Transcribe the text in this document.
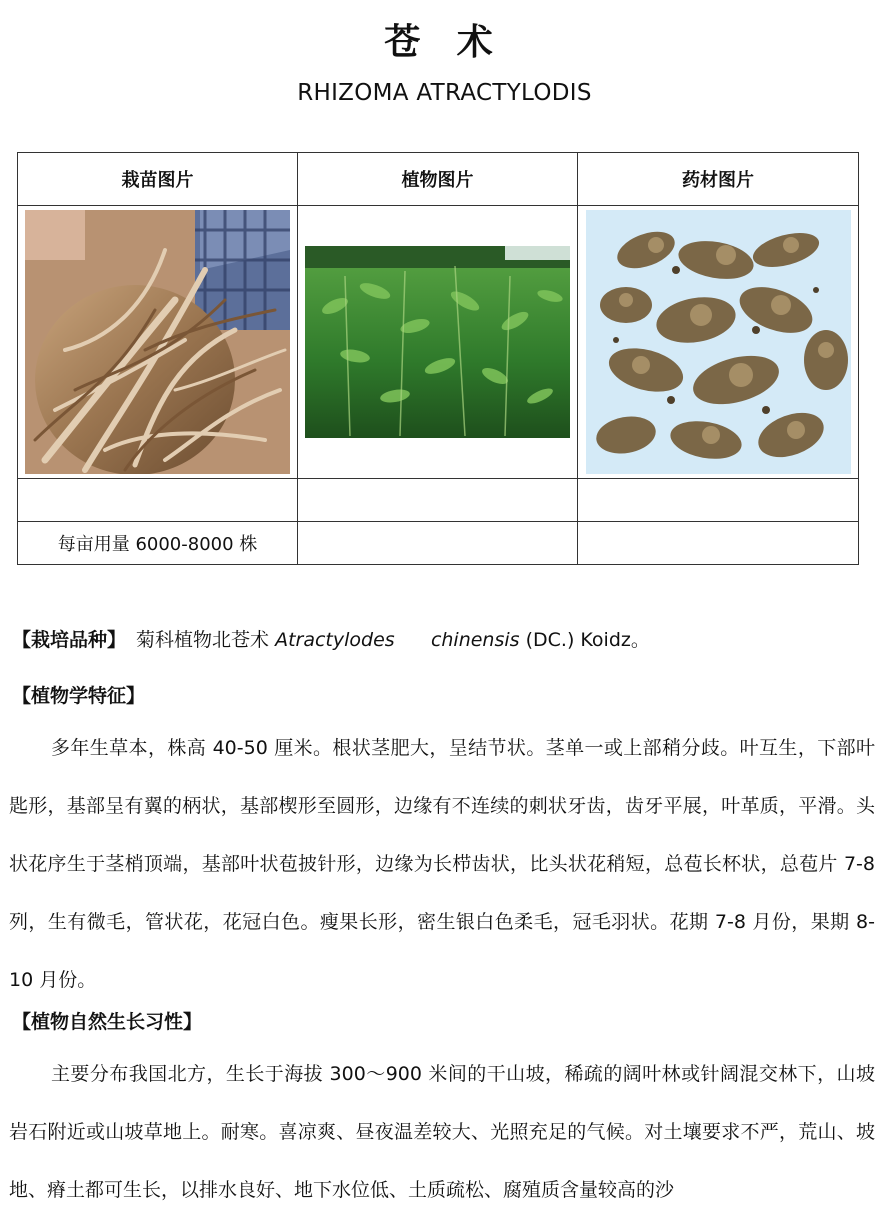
苍 术
RHIZOMA ATRACTYLODIS
栽苗图片	植物图片	药材图片

每亩用量 6000-8000 株		
【栽培品种】 菊科植物北苍术 Atractylodes chinensis (DC.) Koidz。
【植物学特征】
多年生草本，株高 40-50 厘米。根状茎肥大，呈结节状。茎单一或上部稍分歧。叶互生，下部叶匙形，基部呈有翼的柄状，基部楔形至圆形，边缘有不连续的刺状牙齿，齿牙平展，叶革质，平滑。头状花序生于茎梢顶端，基部叶状苞披针形，边缘为长栉齿状，比头状花稍短，总苞长杯状，总苞片 7-8 列，生有微毛，管状花，花冠白色。瘦果长形，密生银白色柔毛，冠毛羽状。花期 7-8 月份，果期 8-10 月份。
【植物自然生长习性】
主要分布我国北方，生长于海拔 300～900 米间的干山坡，稀疏的阔叶林或针阔混交林下，山坡岩石附近或山坡草地上。耐寒。喜凉爽、昼夜温差较大、光照充足的气候。对土壤要求不严，荒山、坡地、瘠土都可生长，以排水良好、地下水位低、土质疏松、腐殖质含量较高的沙
